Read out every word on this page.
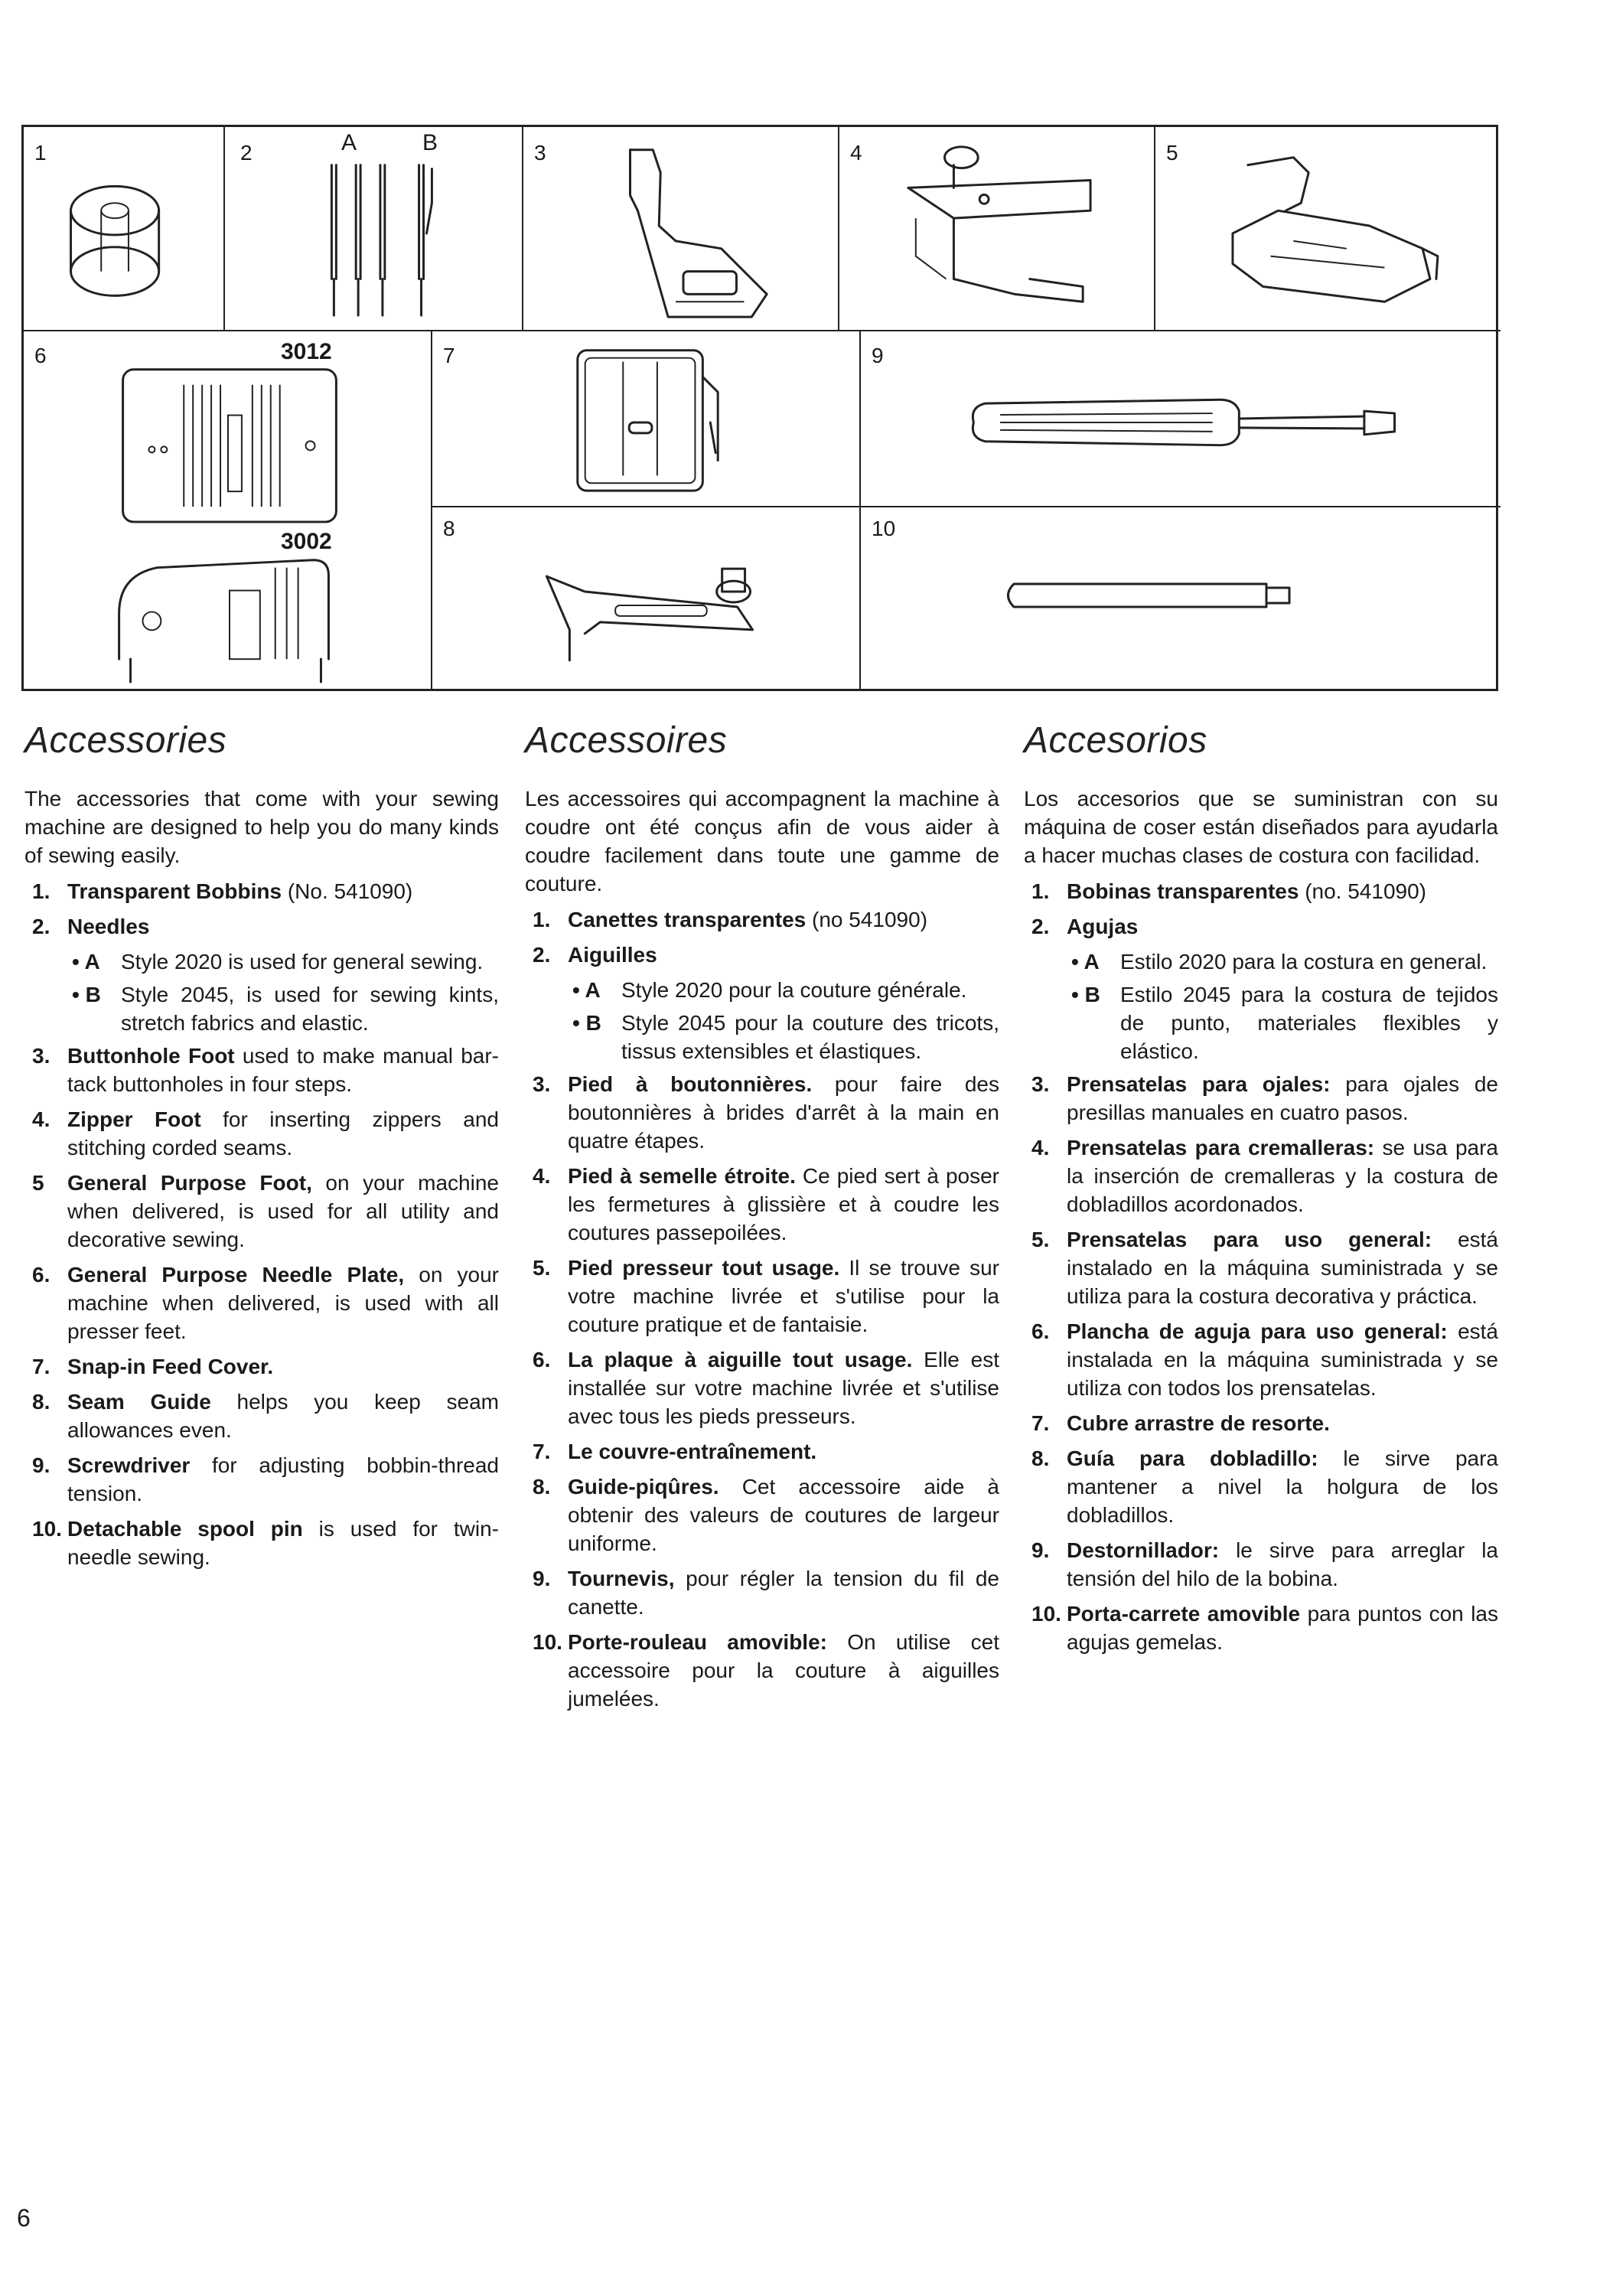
1	2	A	B	3	4	5
6	3012
3002
7	9
8	10
Accessories

The accessories that come with your sewing machine are designed to help you do many kinds of sewing easily.

1. Transparent Bobbins (No. 541090)
2. Needles
• A Style 2020 is used for general sewing.
• B Style 2045, is used for sewing kints, stretch fabrics and elastic.
3. Buttonhole Foot used to make manual bar-tack buttonholes in four steps.
4. Zipper Foot for inserting zippers and stitching corded seams.
5	General Purpose Foot, on your machine when delivered, is used for all utility and decorative sewing.
6. General Purpose Needle Plate, on your machine when delivered, is used with all presser feet.
7. Snap-in Feed Cover.
8. Seam Guide helps you keep seam allowances even.
9. Screwdriver for adjusting bobbin-thread tension.
10. Detachable spool pin is used for twin-needle sewing.
Accessoires

Les accessoires qui accompagnent la machine à coudre ont été conçus afin de vous aider à coudre facilement dans toute une gamme de couture.

1. Canettes transparentes (no 541090)
2. Aiguilles
• A Style 2020 pour la couture générale.
• B Style 2045 pour la couture des tricots, tissus extensibles et élastiques.
3. Pied à boutonnières. pour faire des boutonnières à brides d'arrêt à la main en quatre étapes.
4. Pied à semelle étroite. Ce pied sert à poser les fermetures à glissière et à coudre les coutures passepoilées.
5. Pied presseur tout usage. Il se trouve sur votre machine livrée et s'utilise pour la couture pratique et de fantaisie.
6. La plaque à aiguille tout usage. Elle est installée sur votre machine livrée et s'utilise avec tous les pieds presseurs.
7. Le couvre-entraînement.
8. Guide-piqûres. Cet accessoire aide à obtenir des valeurs de coutures de largeur uniforme.
9. Tournevis, pour régler la tension du fil de canette.
10. Porte-rouleau amovible: On utilise cet accessoire pour la couture à aiguilles jumelées.
Accesorios

Los accesorios que se suministran con su máquina de coser están diseñados para ayudarla a hacer muchas clases de costura con facilidad.

1. Bobinas transparentes (no. 541090)
2. Agujas
• A Estilo 2020 para la costura en general.
• B Estilo 2045 para la costura de tejidos de punto, materiales flexibles y elástico.
3. Prensatelas para ojales: para ojales de presillas manuales en cuatro pasos.
4. Prensatelas para cremalleras: se usa para la inserción de cremalleras y la costura de dobladillos acordonados.
5. Prensatelas para uso general: está instalado en la máquina suministrada y se utiliza para la costura decorativa y práctica.
6. Plancha de aguja para uso general: está instalada en la máquina suministrada y se utiliza con todos los prensatelas.
7. Cubre arrastre de resorte.
8. Guía para dobladillo: le sirve para mantener a nivel la holgura de los dobladillos.
9. Destornillador: le sirve para arreglar la tensión del hilo de la bobina.
10. Porta-carrete amovible para puntos con las agujas gemelas.
6
